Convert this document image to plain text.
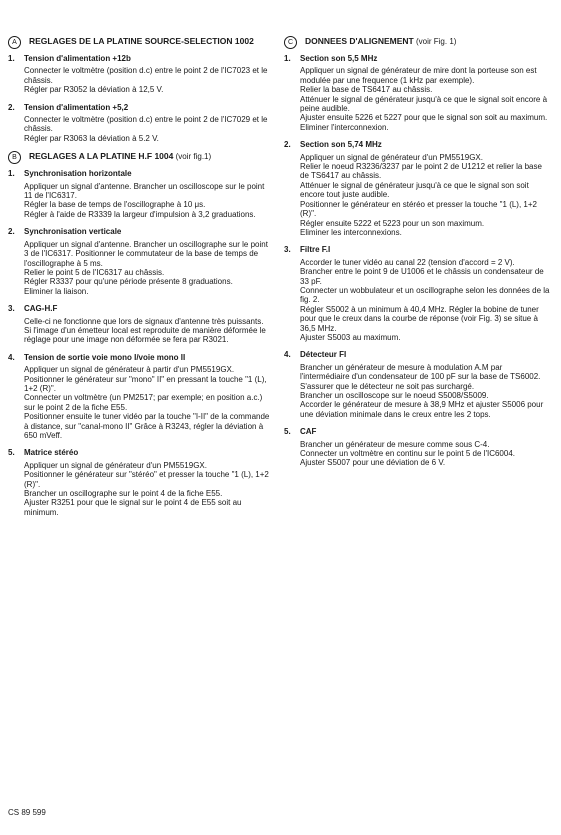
A	REGLAGES DE LA PLATINE SOURCE-SELECTION 1002
1.	Tension d'alimentation +12b

Connecter le voltmètre (position d.c) entre le point 2 de l'IC7023 et le châssis.

Régler par R3052 la déviation à 12,5 V.

2.	Tension d'alimentation +5,2

Connecter le voltmètre (position d.c) entre le point 2 de l'IC7029 et le châssis.

Régler par R3063 la déviation à 5.2 V.

B	REGLAGES A LA PLATINE H.F 1004 (voir fig.1)
1.	Synchronisation horizontale

Appliquer un signal d'antenne. Brancher un oscilloscope sur le point 11 de l'IC6317.

Régler la base de temps de l'oscillographe à 10 μs.

Régler à l'aide de R3339 la largeur d'impulsion à 3,2 graduations.

2.	Synchronisation verticale

Appliquer un signal d'antenne. Brancher un oscillographe sur le point 3 de l'IC6317. Positionner le commutateur de la base de temps de l'oscillographe à 5 ms.

Relier le point 5 de l'IC6317 au châssis.

Régler R3337 pour qu'une période présente 8 graduations.

Eliminer la liaison.

3.	CAG-H.F

Celle-ci ne fonctionne que lors de signaux d'antenne très puissants.

Si l'image d'un émetteur local est reproduite de manière déformée le réglage pour une image non déformée se fera par R3021.

4.	Tension de sortie voie mono I/voie mono II

Appliquer un signal de générateur à partir d'un PM5519GX.

Positionner le générateur sur "mono" II" en pressant la touche "1 (L), 1+2 (R)".

Connecter un voltmètre (un PM2517; par exemple; en position a.c.) sur le point 2 de la fiche E55.

Positionner ensuite le tuner vidéo par la touche "I-II" de la commande à distance, sur "canal-mono II" Grâce à R3243, régler la déviation à 650 mVeff.

5.	Matrice stéréo

Appliquer un signal de générateur d'un PM5519GX.

Positionner le générateur sur "stéréo" et presser la touche "1 (L), 1+2 (R)".

Brancher un oscillographe sur le point 4 de la fiche E55.

Ajuster R3251 pour que le signal sur le point 4 de E55 soit au minimum.

C	DONNEES D'ALIGNEMENT (voir Fig. 1)
1.	Section son 5,5 MHz

Appliquer un signal de générateur de mire dont la porteuse son est modulée par une frequence (1 kHz par exemple).

Relier la base de TS6417 au châssis.

Atténuer le signal de générateur jusqu'à ce que le signal soit encore à peine audible.

Ajuster ensuite 5226 et 5227 pour que le signal son soit au maximum.

Eliminer l'interconnexion.

2.	Section son 5,74 MHz

Appliquer un signal de générateur d'un PM5519GX.

Relier le noeud R3236/3237 par le point 2 de U1212 et relier la base de TS6417 au châssis.

Atténuer le signal de générateur jusqu'à ce que le signal son soit encore tout juste audible.

Positionner le générateur en stéréo et presser la touche "1 (L), 1+2 (R)".

Régler ensuite 5222 et 5223 pour un son maximum.

Eliminer les interconnexions.

3.	Filtre F.I

Accorder le tuner vidéo au canal 22 (tension d'accord = 2 V).

Brancher entre le point 9 de U1006 et le châssis un condensateur de 33 pF.

Connecter un wobbulateur et un oscillographe selon les données de la fig. 2.

Régler S5002 à un minimum à 40,4 MHz. Régler la bobine de tuner pour que le creux dans la courbe de réponse (voir Fig. 3) se situe à 36,5 MHz.

Ajuster S5003 au maximum.

4.	Détecteur FI

Brancher un générateur de mesure à modulation A.M par l'intermédiaire d'un condensateur de 100 pF sur la base de TS6002.

S'assurer que le détecteur ne soit pas surchargé.

Brancher un oscilloscope sur le noeud S5008/S5009.

Accorder le générateur de mesure à 38,9 MHz et ajuster S5006 pour une déviation minimale dans le creux entre les 2 tops.

5.	CAF

Brancher un générateur de mesure comme sous C-4.

Connecter un voltmètre en continu sur le point 5 de l'IC6004.

Ajuster S5007 pour une déviation de 6 V.

CS 89 599
